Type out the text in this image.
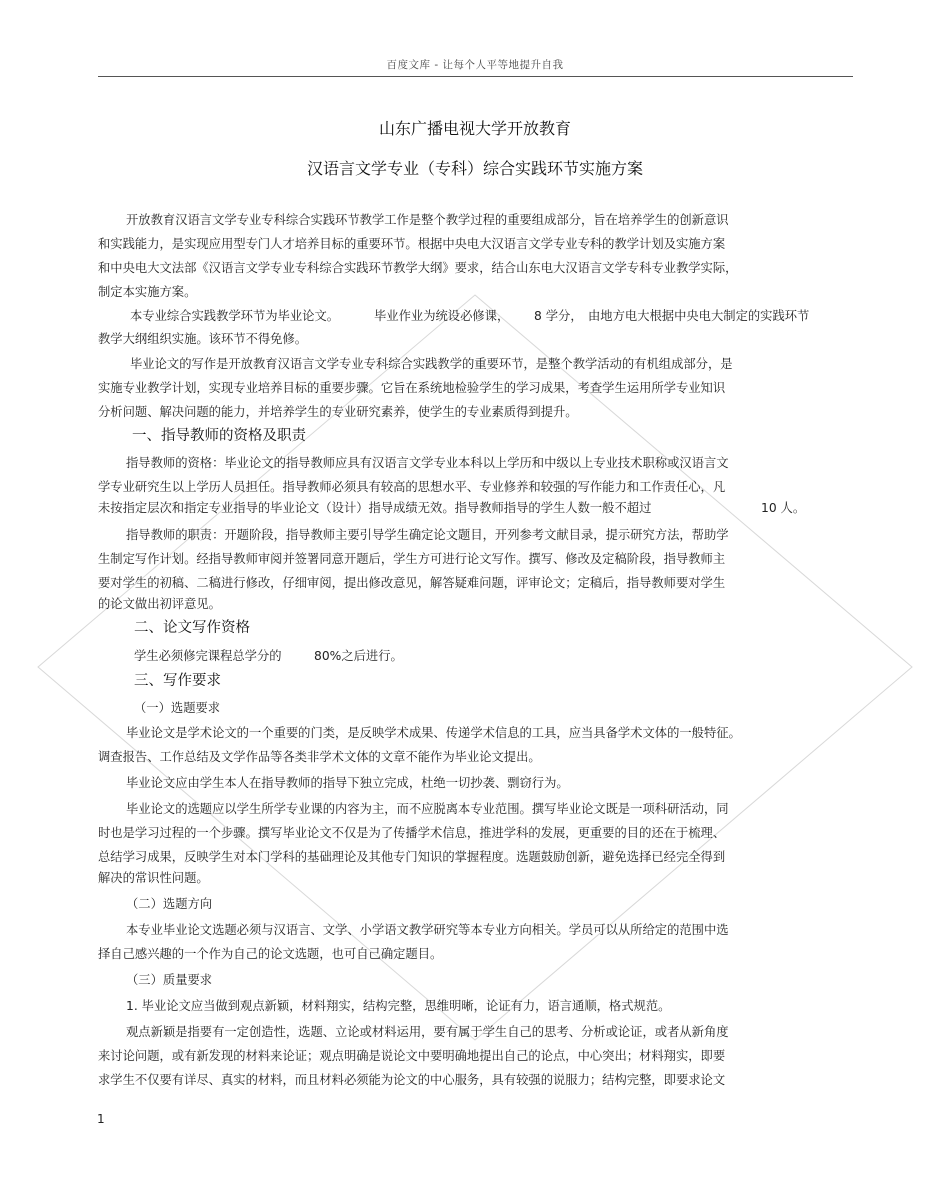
百度文库 - 让每个人平等地提升自我
山东广播电视大学开放教育
汉语言文学专业（专科）综合实践环节实施方案
开放教育汉语言文学专业专科综合实践环节教学工作是整个教学过程的重要组成部分，旨在培养学生的创新意识
和实践能力，是实现应用型专门人才培养目标的重要环节。根据中央电大汉语言文学专业专科的教学计划及实施方案
和中央电大文法部《汉语言文学专业专科综合实践环节教学大纲》要求，结合山东电大汉语言文学专科专业教学实际，
制定本实施方案。
本专业综合实践教学环节为毕业论文。	毕业作业为统设必修课， 8 学分， 由地方电大根据中央电大制定的实践环节
教学大纲组织实施。该环节不得免修。
毕业论文的写作是开放教育汉语言文学专业专科综合实践教学的重要环节，是整个教学活动的有机组成部分，是
实施专业教学计划，实现专业培养目标的重要步骤。它旨在系统地检验学生的学习成果，考查学生运用所学专业知识
分析问题、解决问题的能力，并培养学生的专业研究素养，使学生的专业素质得到提升。
一、指导教师的资格及职责
指导教师的资格：毕业论文的指导教师应具有汉语言文学专业本科以上学历和中级以上专业技术职称或汉语言文
学专业研究生以上学历人员担任。指导教师必须具有较高的思想水平、专业修养和较强的写作能力和工作责任心，凡
未按指定层次和指定专业指导的毕业论文（设计）指导成绩无效。指导教师指导的学生人数一般不超过	10 人。
指导教师的职责：开题阶段，指导教师主要引导学生确定论文题目，开列参考文献目录，提示研究方法，帮助学
生制定写作计划。经指导教师审阅并签署同意开题后，学生方可进行论文写作。撰写、修改及定稿阶段，指导教师主
要对学生的初稿、二稿进行修改，仔细审阅，提出修改意见，解答疑难问题，评审论文；定稿后，指导教师要对学生
的论文做出初评意见。
二、论文写作资格
学生必须修完课程总学分的	80%之后进行。
三、写作要求
（一）选题要求
毕业论文是学术论文的一个重要的门类，是反映学术成果、传递学术信息的工具，应当具备学术文体的一般特征。
调查报告、工作总结及文学作品等各类非学术文体的文章不能作为毕业论文提出。
毕业论文应由学生本人在指导教师的指导下独立完成，杜绝一切抄袭、剽窃行为。
毕业论文的选题应以学生所学专业课的内容为主，而不应脱离本专业范围。撰写毕业论文既是一项科研活动，同
时也是学习过程的一个步骤。撰写毕业论文不仅是为了传播学术信息，推进学科的发展，更重要的目的还在于梳理、
总结学习成果，反映学生对本门学科的基础理论及其他专门知识的掌握程度。选题鼓励创新，避免选择已经完全得到
解决的常识性问题。
（二）选题方向
本专业毕业论文选题必须与汉语言、文学、小学语文教学研究等本专业方向相关。学员可以从所给定的范围中选
择自己感兴趣的一个作为自己的论文选题，也可自己确定题目。
（三）质量要求
1. 毕业论文应当做到观点新颖，材料翔实，结构完整，思维明晰，论证有力，语言通顺，格式规范。
观点新颖是指要有一定创造性，选题、立论或材料运用，要有属于学生自己的思考、分析或论证，或者从新角度
来讨论问题，或有新发现的材料来论证；观点明确是说论文中要明确地提出自己的论点，中心突出；材料翔实，即要
求学生不仅要有详尽、真实的材料，而且材料必须能为论文的中心服务，具有较强的说服力；结构完整，即要求论文
1
